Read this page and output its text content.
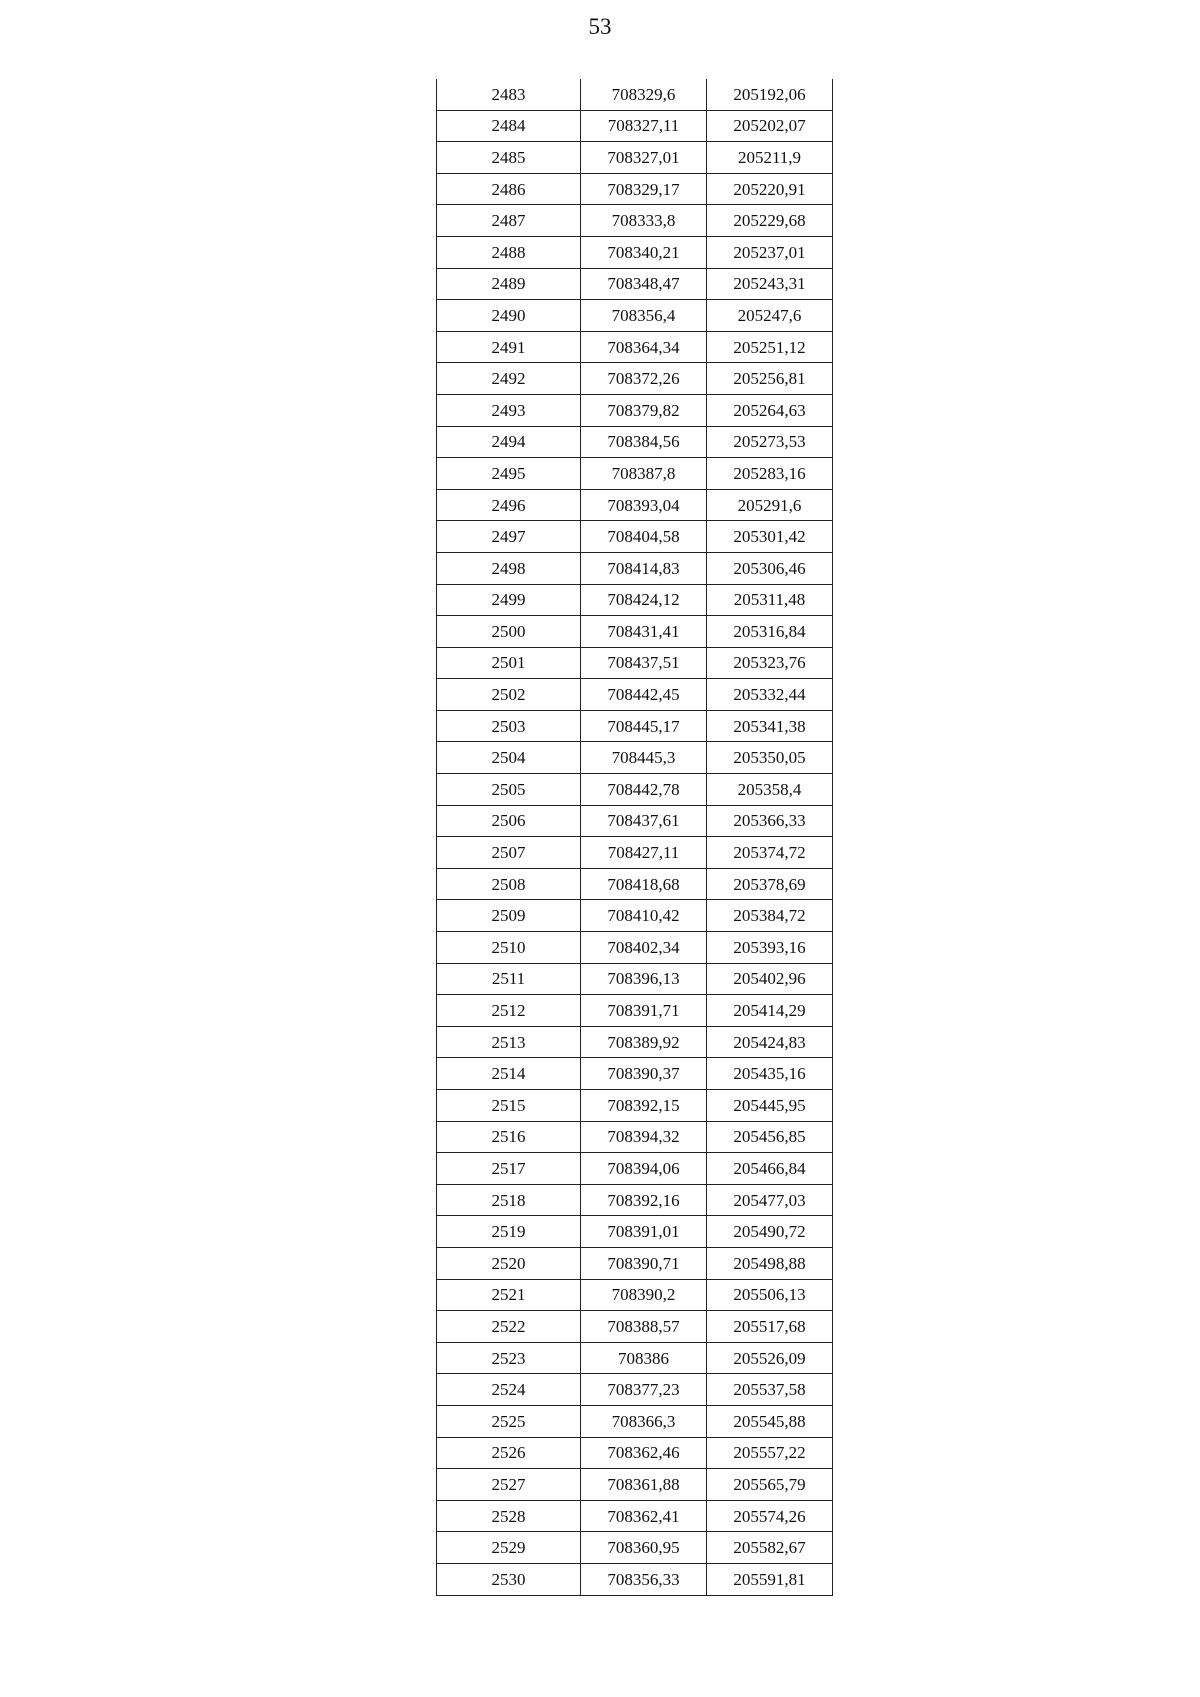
53
2483	708329,6	205192,06
2484	708327,11	205202,07
2485	708327,01	205211,9
2486	708329,17	205220,91
2487	708333,8	205229,68
2488	708340,21	205237,01
2489	708348,47	205243,31
2490	708356,4	205247,6
2491	708364,34	205251,12
2492	708372,26	205256,81
2493	708379,82	205264,63
2494	708384,56	205273,53
2495	708387,8	205283,16
2496	708393,04	205291,6
2497	708404,58	205301,42
2498	708414,83	205306,46
2499	708424,12	205311,48
2500	708431,41	205316,84
2501	708437,51	205323,76
2502	708442,45	205332,44
2503	708445,17	205341,38
2504	708445,3	205350,05
2505	708442,78	205358,4
2506	708437,61	205366,33
2507	708427,11	205374,72
2508	708418,68	205378,69
2509	708410,42	205384,72
2510	708402,34	205393,16
2511	708396,13	205402,96
2512	708391,71	205414,29
2513	708389,92	205424,83
2514	708390,37	205435,16
2515	708392,15	205445,95
2516	708394,32	205456,85
2517	708394,06	205466,84
2518	708392,16	205477,03
2519	708391,01	205490,72
2520	708390,71	205498,88
2521	708390,2	205506,13
2522	708388,57	205517,68
2523	708386	205526,09
2524	708377,23	205537,58
2525	708366,3	205545,88
2526	708362,46	205557,22
2527	708361,88	205565,79
2528	708362,41	205574,26
2529	708360,95	205582,67
2530	708356,33	205591,81
